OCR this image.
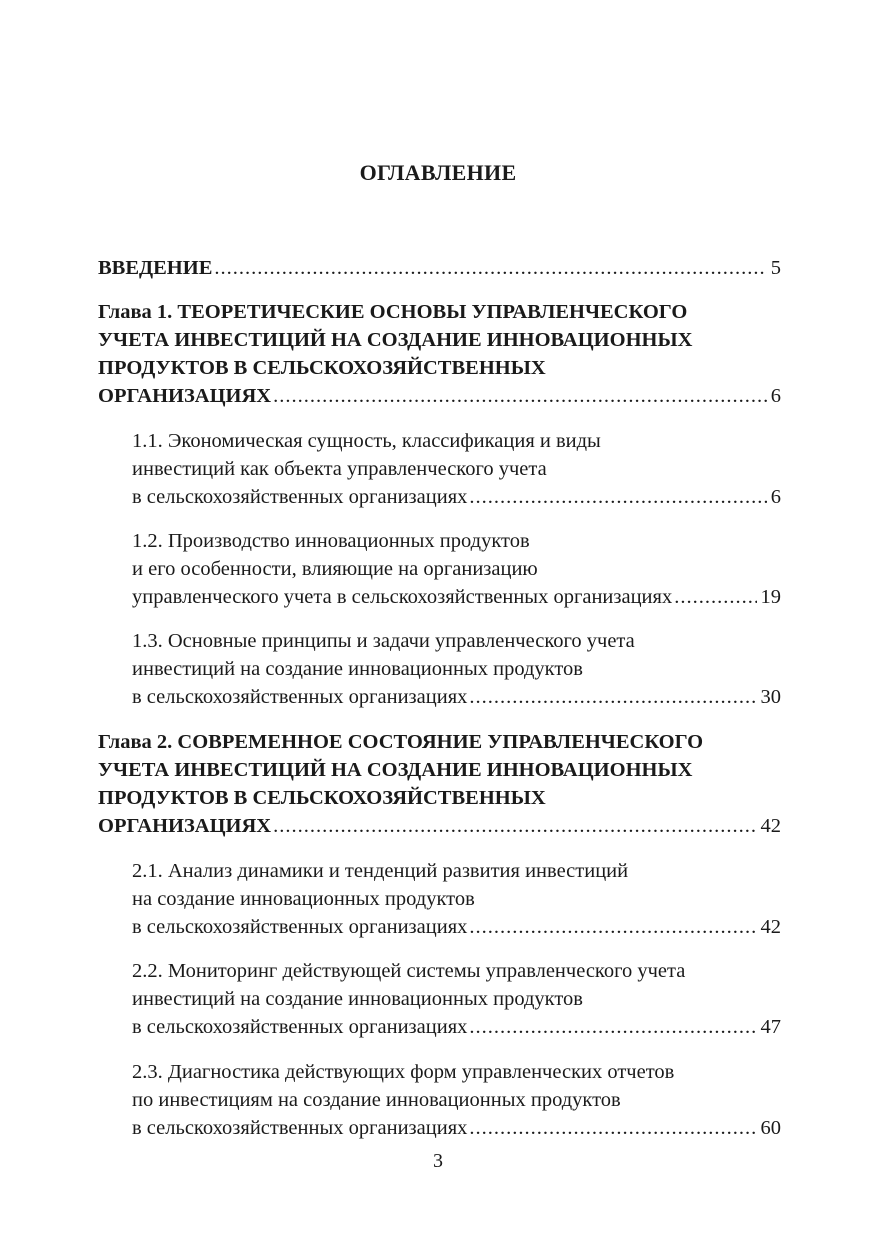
ОГЛАВЛЕНИЕ
ВВЕДЕНИЕ .....	5
Глава 1. ТЕОРЕТИЧЕСКИЕ ОСНОВЫ УПРАВЛЕНЧЕСКОГО
УЧЕТА ИНВЕСТИЦИЙ НА СОЗДАНИЕ ИННОВАЦИОННЫХ
ПРОДУКТОВ В СЕЛЬСКОХОЗЯЙСТВЕННЫХ
ОРГАНИЗАЦИЯХ .....	6
1.1. Экономическая сущность, классификация и виды
инвестиций как объекта управленческого учета
в сельскохозяйственных организациях .....	6
1.2. Производство инновационных продуктов
и его особенности, влияющие на организацию
управленческого учета в сельскохозяйственных организациях .....	19
1.3. Основные принципы и задачи управленческого учета
инвестиций на создание инновационных продуктов
в сельскохозяйственных организациях .....	30
Глава 2. СОВРЕМЕННОЕ СОСТОЯНИЕ УПРАВЛЕНЧЕСКОГО
УЧЕТА ИНВЕСТИЦИЙ НА СОЗДАНИЕ ИННОВАЦИОННЫХ
ПРОДУКТОВ В СЕЛЬСКОХОЗЯЙСТВЕННЫХ
ОРГАНИЗАЦИЯХ .....	42
2.1. Анализ динамики и тенденций развития инвестиций
на создание инновационных продуктов
в сельскохозяйственных организациях .....	42
2.2. Мониторинг действующей системы управленческого учета
инвестиций на создание инновационных продуктов
в сельскохозяйственных организациях .....	47
2.3. Диагностика действующих форм управленческих отчетов
по инвестициям на создание инновационных продуктов
в сельскохозяйственных организациях .....	60
3
